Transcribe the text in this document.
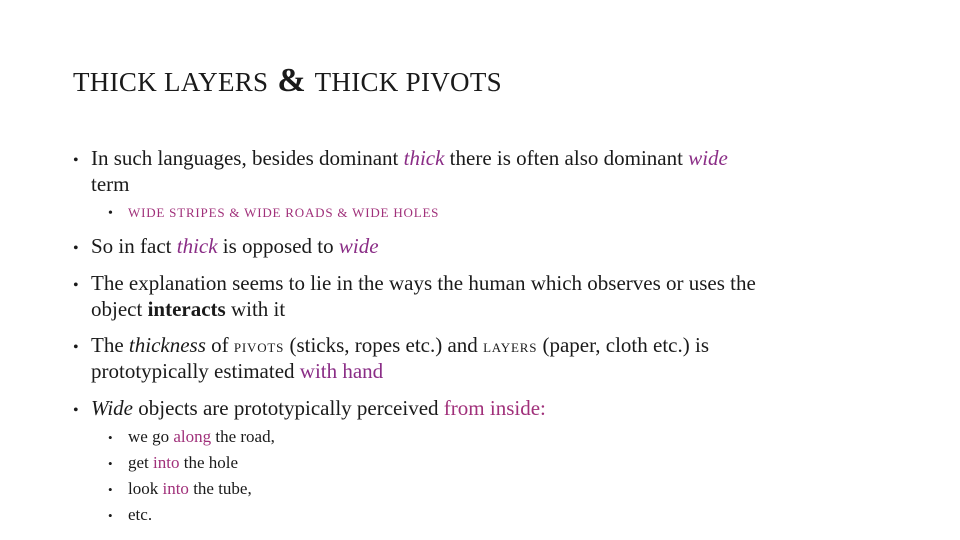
THICK LAYERS & THICK PIVOTS
• In such languages, besides dominant thick there is often also dominant wide
term
• WIDE STRIPES & WIDE ROADS & WIDE HOLES
• So in fact thick is opposed to wide
• The explanation seems to lie in the ways the human which observes or uses the
object interacts with it
• The thickness of PIVOTS (sticks, ropes etc.) and LAYERS (paper, cloth etc.) is
prototypically estimated with hand
• Wide objects are prototypically perceived from inside:
• we go along the road,
• get into the hole
• look into the tube,
• etc.
